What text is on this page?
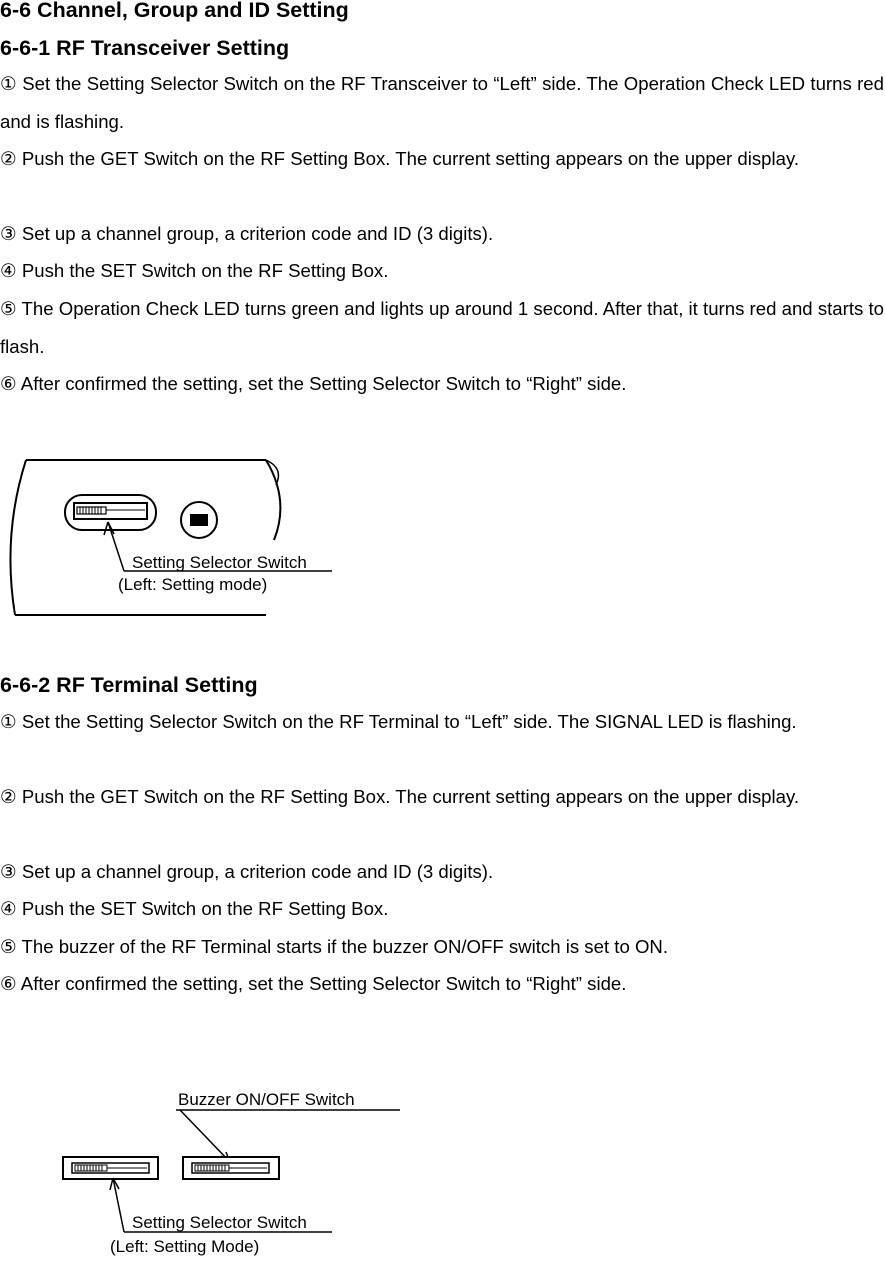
6-6 Channel, Group and ID Setting
6-6-1 RF Transceiver Setting
① Set the Setting Selector Switch on the RF Transceiver to “Left” side. The Operation Check LED turns red and is flashing.
② Push the GET Switch on the RF Setting Box. The current setting appears on the upper display.
③ Set up a channel group, a criterion code and ID (3 digits).
④ Push the SET Switch on the RF Setting Box.
⑤ The Operation Check LED turns green and lights up around 1 second. After that, it turns red and starts to flash.
⑥ After confirmed the setting, set the Setting Selector Switch to “Right” side.
Setting Selector Switch
(Left: Setting mode)
6-6-2 RF Terminal Setting
① Set the Setting Selector Switch on the RF Terminal to “Left” side. The SIGNAL LED is flashing.
② Push the GET Switch on the RF Setting Box. The current setting appears on the upper display.
③ Set up a channel group, a criterion code and ID (3 digits).
④ Push the SET Switch on the RF Setting Box.
⑤ The buzzer of the RF Terminal starts if the buzzer ON/OFF switch is set to ON.
⑥ After confirmed the setting, set the Setting Selector Switch to “Right” side.
Buzzer ON/OFF Switch
Setting Selector Switch
(Left: Setting Mode)
